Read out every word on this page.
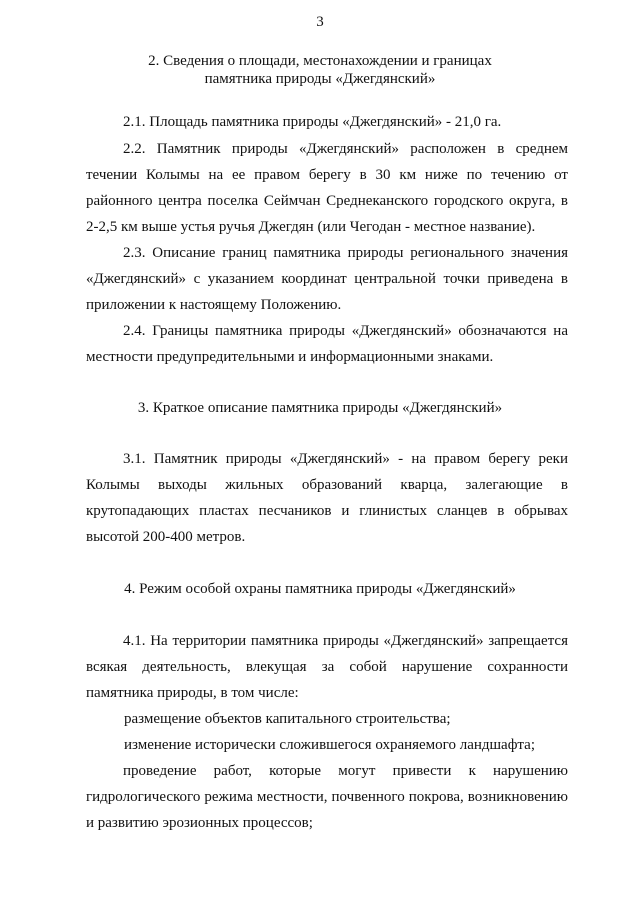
3
2. Сведения о площади, местонахождении и границах
памятника природы «Джегдянский»
2.1. Площадь памятника природы «Джегдянский» - 21,0 га.
2.2. Памятник природы «Джегдянский» расположен в среднем течении Колымы на ее правом берегу в 30 км ниже по течению от районного центра поселка Сеймчан Среднеканского городского округа, в 2-2,5 км выше устья ручья Джегдян (или Чегодан - местное название).
2.3. Описание границ памятника природы регионального значения «Джегдянский» с указанием координат центральной точки приведена в приложении к настоящему Положению.
2.4. Границы памятника природы «Джегдянский» обозначаются на местности предупредительными и информационными знаками.
3. Краткое описание памятника природы «Джегдянский»
3.1. Памятник природы «Джегдянский» - на правом берегу реки Колымы выходы жильных образований кварца, залегающие в крутопадающих пластах песчаников и глинистых сланцев в обрывах высотой 200-400 метров.
4. Режим особой охраны памятника природы «Джегдянский»
4.1. На территории памятника природы «Джегдянский» запрещается всякая деятельность, влекущая за собой нарушение сохранности памятника природы, в том числе:
размещение объектов капитального строительства;
изменение исторически сложившегося охраняемого ландшафта;
проведение работ, которые могут привести к нарушению гидрологического режима местности, почвенного покрова, возникновению и развитию эрозионных процессов;
